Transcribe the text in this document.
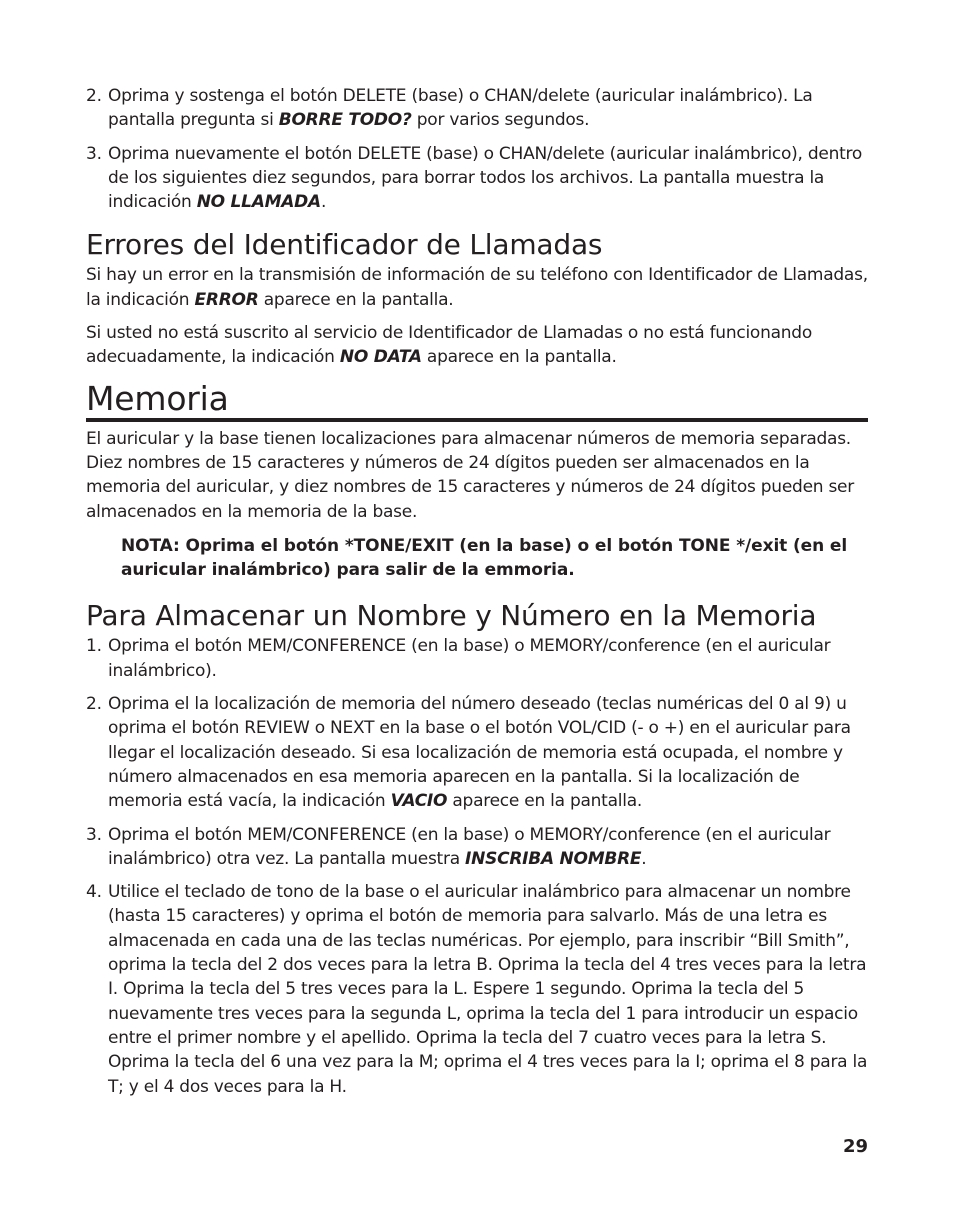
2. Oprima y sostenga el botón DELETE (base) o CHAN/delete (auricular inalámbrico). La pantalla pregunta si BORRE TODO? por varios segundos.

3. Oprima nuevamente el botón DELETE (base) o CHAN/delete (auricular inalámbrico), dentro de los siguientes diez segundos, para borrar todos los archivos. La pantalla muestra la indicación NO LLAMADA.

Errores del Identificador de Llamadas

Si hay un error en la transmisión de información de su teléfono con Identificador de Llamadas, la indicación ERROR aparece en la pantalla.

Si usted no está suscrito al servicio de Identificador de Llamadas o no está funcionando adecuadamente, la indicación NO DATA aparece en la pantalla.

Memoria

El auricular y la base tienen localizaciones para almacenar números de memoria separadas. Diez nombres de 15 caracteres y números de 24 dígitos pueden ser almacenados en la memoria del auricular, y diez nombres de 15 caracteres y números de 24 dígitos pueden ser almacenados en la memoria de la base.

NOTA: Oprima el botón *TONE/EXIT (en la base) o el botón TONE */exit (en el auricular inalámbrico) para salir de la emmoria.

Para Almacenar un Nombre y Número en la Memoria
1. Oprima el botón MEM/CONFERENCE (en la base) o MEMORY/conference (en el auricular inalámbrico).

2. Oprima el la localización de memoria del número deseado (teclas numéricas del 0 al 9) u oprima el botón REVIEW o NEXT en la base o el botón VOL/CID (- o +) en el auricular para llegar el localización deseado. Si esa localización de memoria está ocupada, el nombre y número almacenados en esa memoria aparecen en la pantalla. Si la localización de memoria está vacía, la indicación VACIO aparece en la pantalla.

3. Oprima el botón MEM/CONFERENCE (en la base) o MEMORY/conference (en el auricular inalámbrico) otra vez. La pantalla muestra INSCRIBA NOMBRE.

4. Utilice el teclado de tono de la base o el auricular inalámbrico para almacenar un nombre (hasta 15 caracteres) y oprima el botón de memoria para salvarlo. Más de una letra es almacenada en cada una de las teclas numéricas. Por ejemplo, para inscribir “Bill Smith”, oprima la tecla del 2 dos veces para la letra B. Oprima la tecla del 4 tres veces para la letra I. Oprima la tecla del 5 tres veces para la L. Espere 1 segundo. Oprima la tecla del 5 nuevamente tres veces para la segunda L, oprima la tecla del 1 para introducir un espacio entre el primer nombre y el apellido. Oprima la tecla del 7 cuatro veces para la letra S. Oprima la tecla del 6 una vez para la M; oprima el 4 tres veces para la I; oprima el 8 para la T; y el 4 dos veces para la H.

29
